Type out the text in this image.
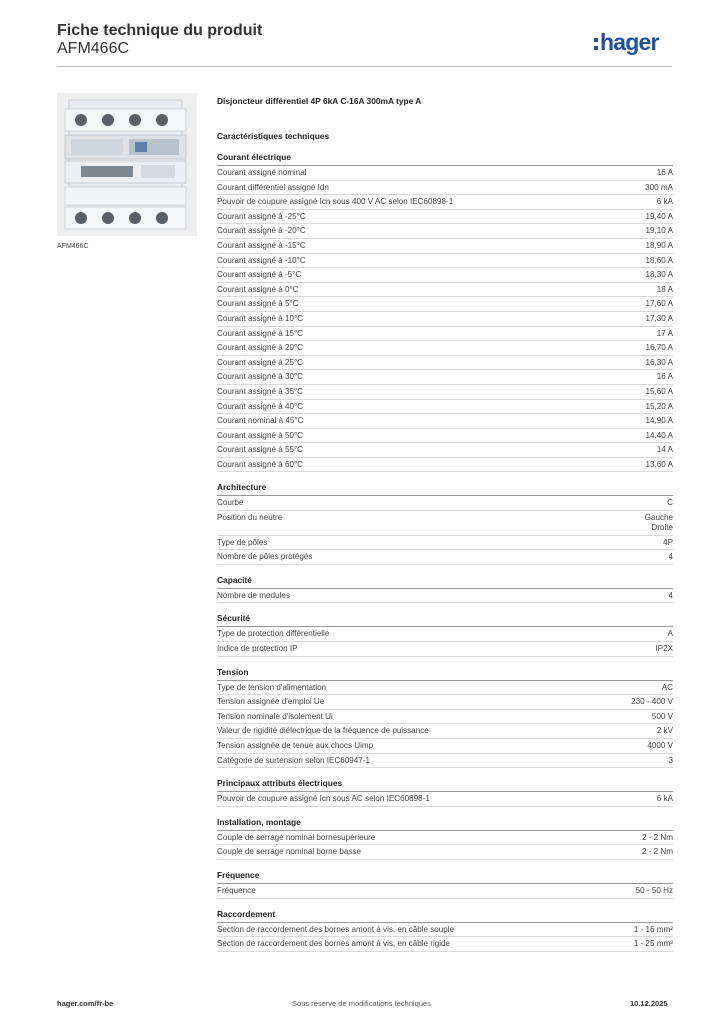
Fiche technique du produit
AFM466C	hager
AFM466C
Disjoncteur différentiel 4P 6kA C-16A 300mA type A
Caractéristiques techniques
Courant électrique
Courant assigné nominal	16 A
Courant différentiel assigné Idn	300 mA
Pouvoir de coupure assigné Icn sous 400 V AC selon IEC60898-1	6 kA
Courant assigné à -25°C	19,40 A
Courant assigné à -20°C	19,10 A
Courant assigné à -15°C	18,90 A
Courant assigné à -10°C	18,60 A
Courant assigné à -5°C	18,30 A
Courant assigné à 0°C	18 A
Courant assigné à 5°C	17,60 A
Courant assigné à 10°C	17,30 A
Courant assigné à 15°C	17 A
Courant assigné à 20°C	16,70 A
Courant assigné à 25°C	16,30 A
Courant assigné à 30°C	16 A
Courant assigné à 35°C	15,60 A
Courant assigné à 40°C	15,20 A
Courant nominal à 45°C	14,90 A
Courant assigné à 50°C	14,40 A
Courant assigné à 55°C	14 A
Courant assigné à 60°C	13,60 A
Architecture
Courbe	C
Position du neutre	Gauche
Droite
Type de pôles	4P
Nombre de pôles protégés	4
Capacité
Nombre de modules	4
Sécurité
Type de protection différentielle	A
Indice de protection IP	IP2X
Tension
Type de tension d'alimentation	AC
Tension assignée d'emploi Ue	230 - 400 V
Tension nominale d'isolement Ui	500 V
Valeur de rigidité diélectrique de la fréquence de puissance	2 kV
Tension assignée de tenue aux chocs Uimp	4000 V
Catégorie de surtension selon IEC60947-1	3
Principaux attributs électriques
Pouvoir de coupure assigné Icn sous AC selon IEC60898-1	6 kA
Installation, montage
Couple de serrage nominal bornesupérieure	2 - 2 Nm
Couple de serrage nominal borne basse	2 - 2 Nm
Fréquence
Fréquence	50 - 50 Hz
Raccordement
Section de raccordement des bornes amont à vis, en câble souple	1 - 16 mm²
Section de raccordement des bornes amont à vis, en câble rigide	1 - 25 mm²
hager.com/fr-be	Sous réserve de modifications techniques	10.12.2025
